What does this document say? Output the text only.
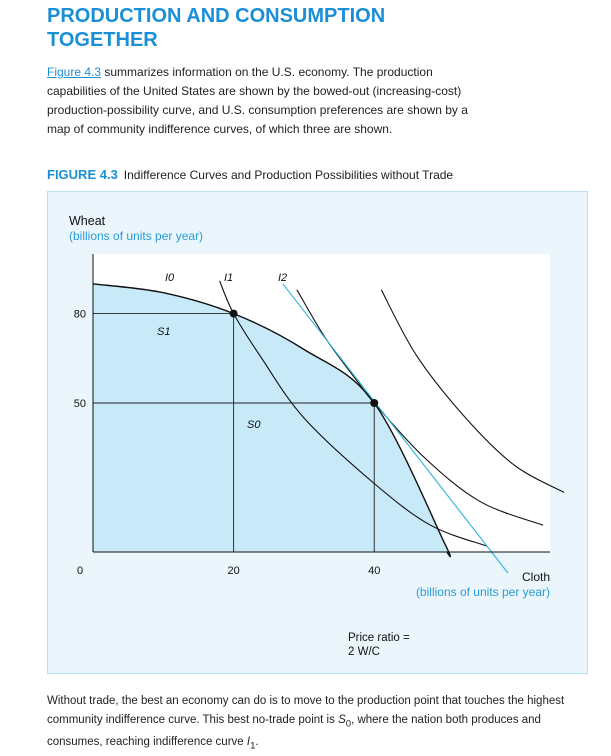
PRODUCTION AND CONSUMPTION TOGETHER

Figure 4.3 summarizes information on the U.S. economy. The production capabilities of the United States are shown by the bowed-out (increasing-cost) production-possibility curve, and U.S. consumption preferences are shown by a map of community indifference curves, of which three are shown.

FIGURE 4.3 Indifference Curves and Production Possibilities without Trade

Wheat
(billions of units per year)
Cloth
(billions of units per year)
0	20	40
80
50
I0	I1	I2
S1
S0
Price ratio =
2 W/C

Without trade, the best an economy can do is to move to the production point that touches the highest community indifference curve. This best no-trade point is $S_0$, where the nation both produces and consumes, reaching indifference curve $I_1$.
